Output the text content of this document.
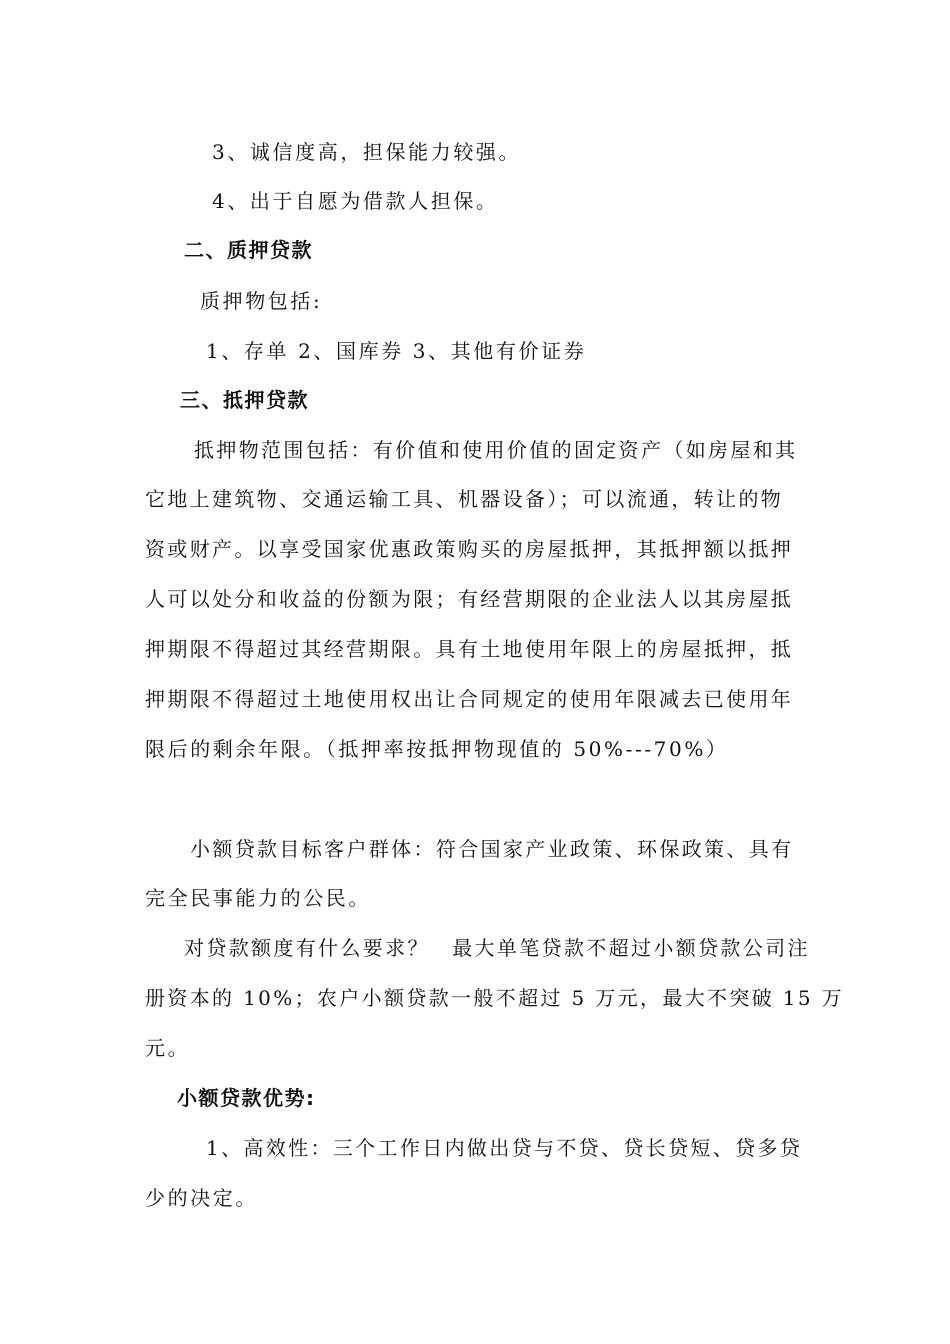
3、诚信度高，担保能力较强。
4、出于自愿为借款人担保。
二、质押贷款
质押物包括:
1、存单 2、国库券 3、其他有价证券
三、抵押贷款
抵押物范围包括：有价值和使用价值的固定资产（如房屋和其
它地上建筑物、交通运输工具、机器设备）；可以流通，转让的物
资或财产。以享受国家优惠政策购买的房屋抵押，其抵押额以抵押
人可以处分和收益的份额为限；有经营期限的企业法人以其房屋抵
押期限不得超过其经营期限。具有土地使用年限上的房屋抵押，抵
押期限不得超过土地使用权出让合同规定的使用年限减去已使用年
限后的剩余年限。（抵押率按抵押物现值的 50%---70%）
小额贷款目标客户群体：符合国家产业政策、环保政策、具有
完全民事能力的公民。
对贷款额度有什么要求？　最大单笔贷款不超过小额贷款公司注
册资本的 10%；农户小额贷款一般不超过 5 万元，最大不突破 15 万
元。
小额贷款优势:
1、高效性：三个工作日内做出贷与不贷、贷长贷短、贷多贷
少的决定。
